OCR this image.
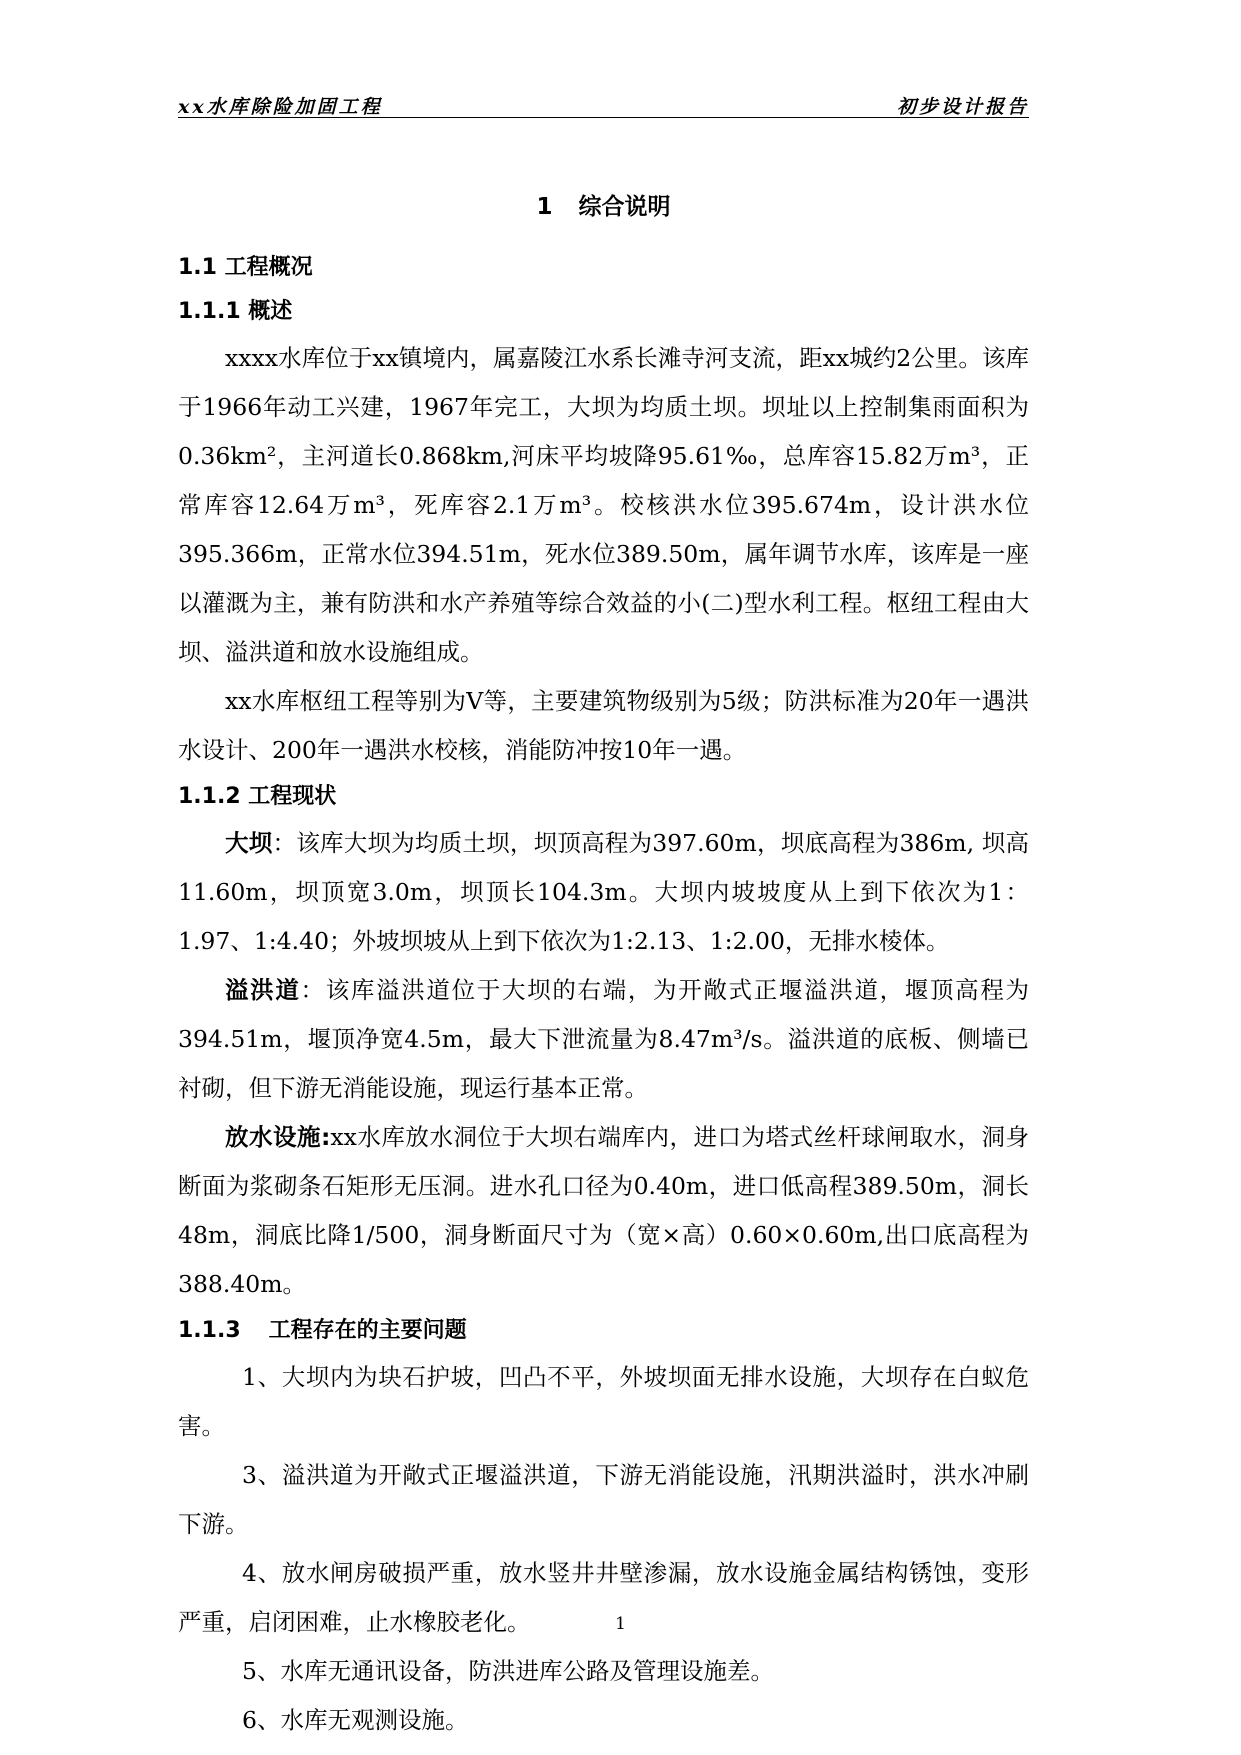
xx水库除险加固工程	初步设计报告
1 综合说明
1.1 工程概况
1.1.1 概述

xxxx水库位于xx镇境内，属嘉陵江水系长滩寺河支流，距xx城约2公里。该库于1966年动工兴建，1967年完工，大坝为均质土坝。坝址以上控制集雨面积为0.36km²，主河道长0.868km,河床平均坡降95.61‰，总库容15.82万m³，正常库容12.64万m³，死库容2.1万m³。校核洪水位395.674m，设计洪水位395.366m，正常水位394.51m，死水位389.50m，属年调节水库，该库是一座以灌溉为主，兼有防洪和水产养殖等综合效益的小(二)型水利工程。枢纽工程由大坝、溢洪道和放水设施组成。

xx水库枢纽工程等别为Ⅴ等，主要建筑物级别为5级；防洪标准为20年一遇洪水设计、200年一遇洪水校核，消能防冲按10年一遇。

1.1.2 工程现状

大坝：该库大坝为均质土坝，坝顶高程为397.60m，坝底高程为386m, 坝高11.60m，坝顶宽3.0m，坝顶长104.3m。大坝内坡坡度从上到下依次为1： 1.97、1:4.40；外坡坝坡从上到下依次为1:2.13、1:2.00，无排水棱体。

溢洪道：该库溢洪道位于大坝的右端，为开敞式正堰溢洪道，堰顶高程为394.51m，堰顶净宽4.5m，最大下泄流量为8.47m³/s。溢洪道的底板、侧墙已衬砌，但下游无消能设施，现运行基本正常。

放水设施:xx水库放水洞位于大坝右端库内，进口为塔式丝杆球闸取水，洞身断面为浆砌条石矩形无压洞。进水孔口径为0.40m，进口低高程389.50m，洞长48m，洞底比降1/500，洞身断面尺寸为（宽×高）0.60×0.60m,出口底高程为388.40m。

1.1.3 工程存在的主要问题

1、大坝内为块石护坡，凹凸不平，外坡坝面无排水设施，大坝存在白蚁危害。

3、溢洪道为开敞式正堰溢洪道，下游无消能设施，汛期洪溢时，洪水冲刷下游。

4、放水闸房破损严重，放水竖井井壁渗漏，放水设施金属结构锈蚀，变形严重，启闭困难，止水橡胶老化。

5、水库无通讯设备，防洪进库公路及管理设施差。

6、水库无观测设施。

1
